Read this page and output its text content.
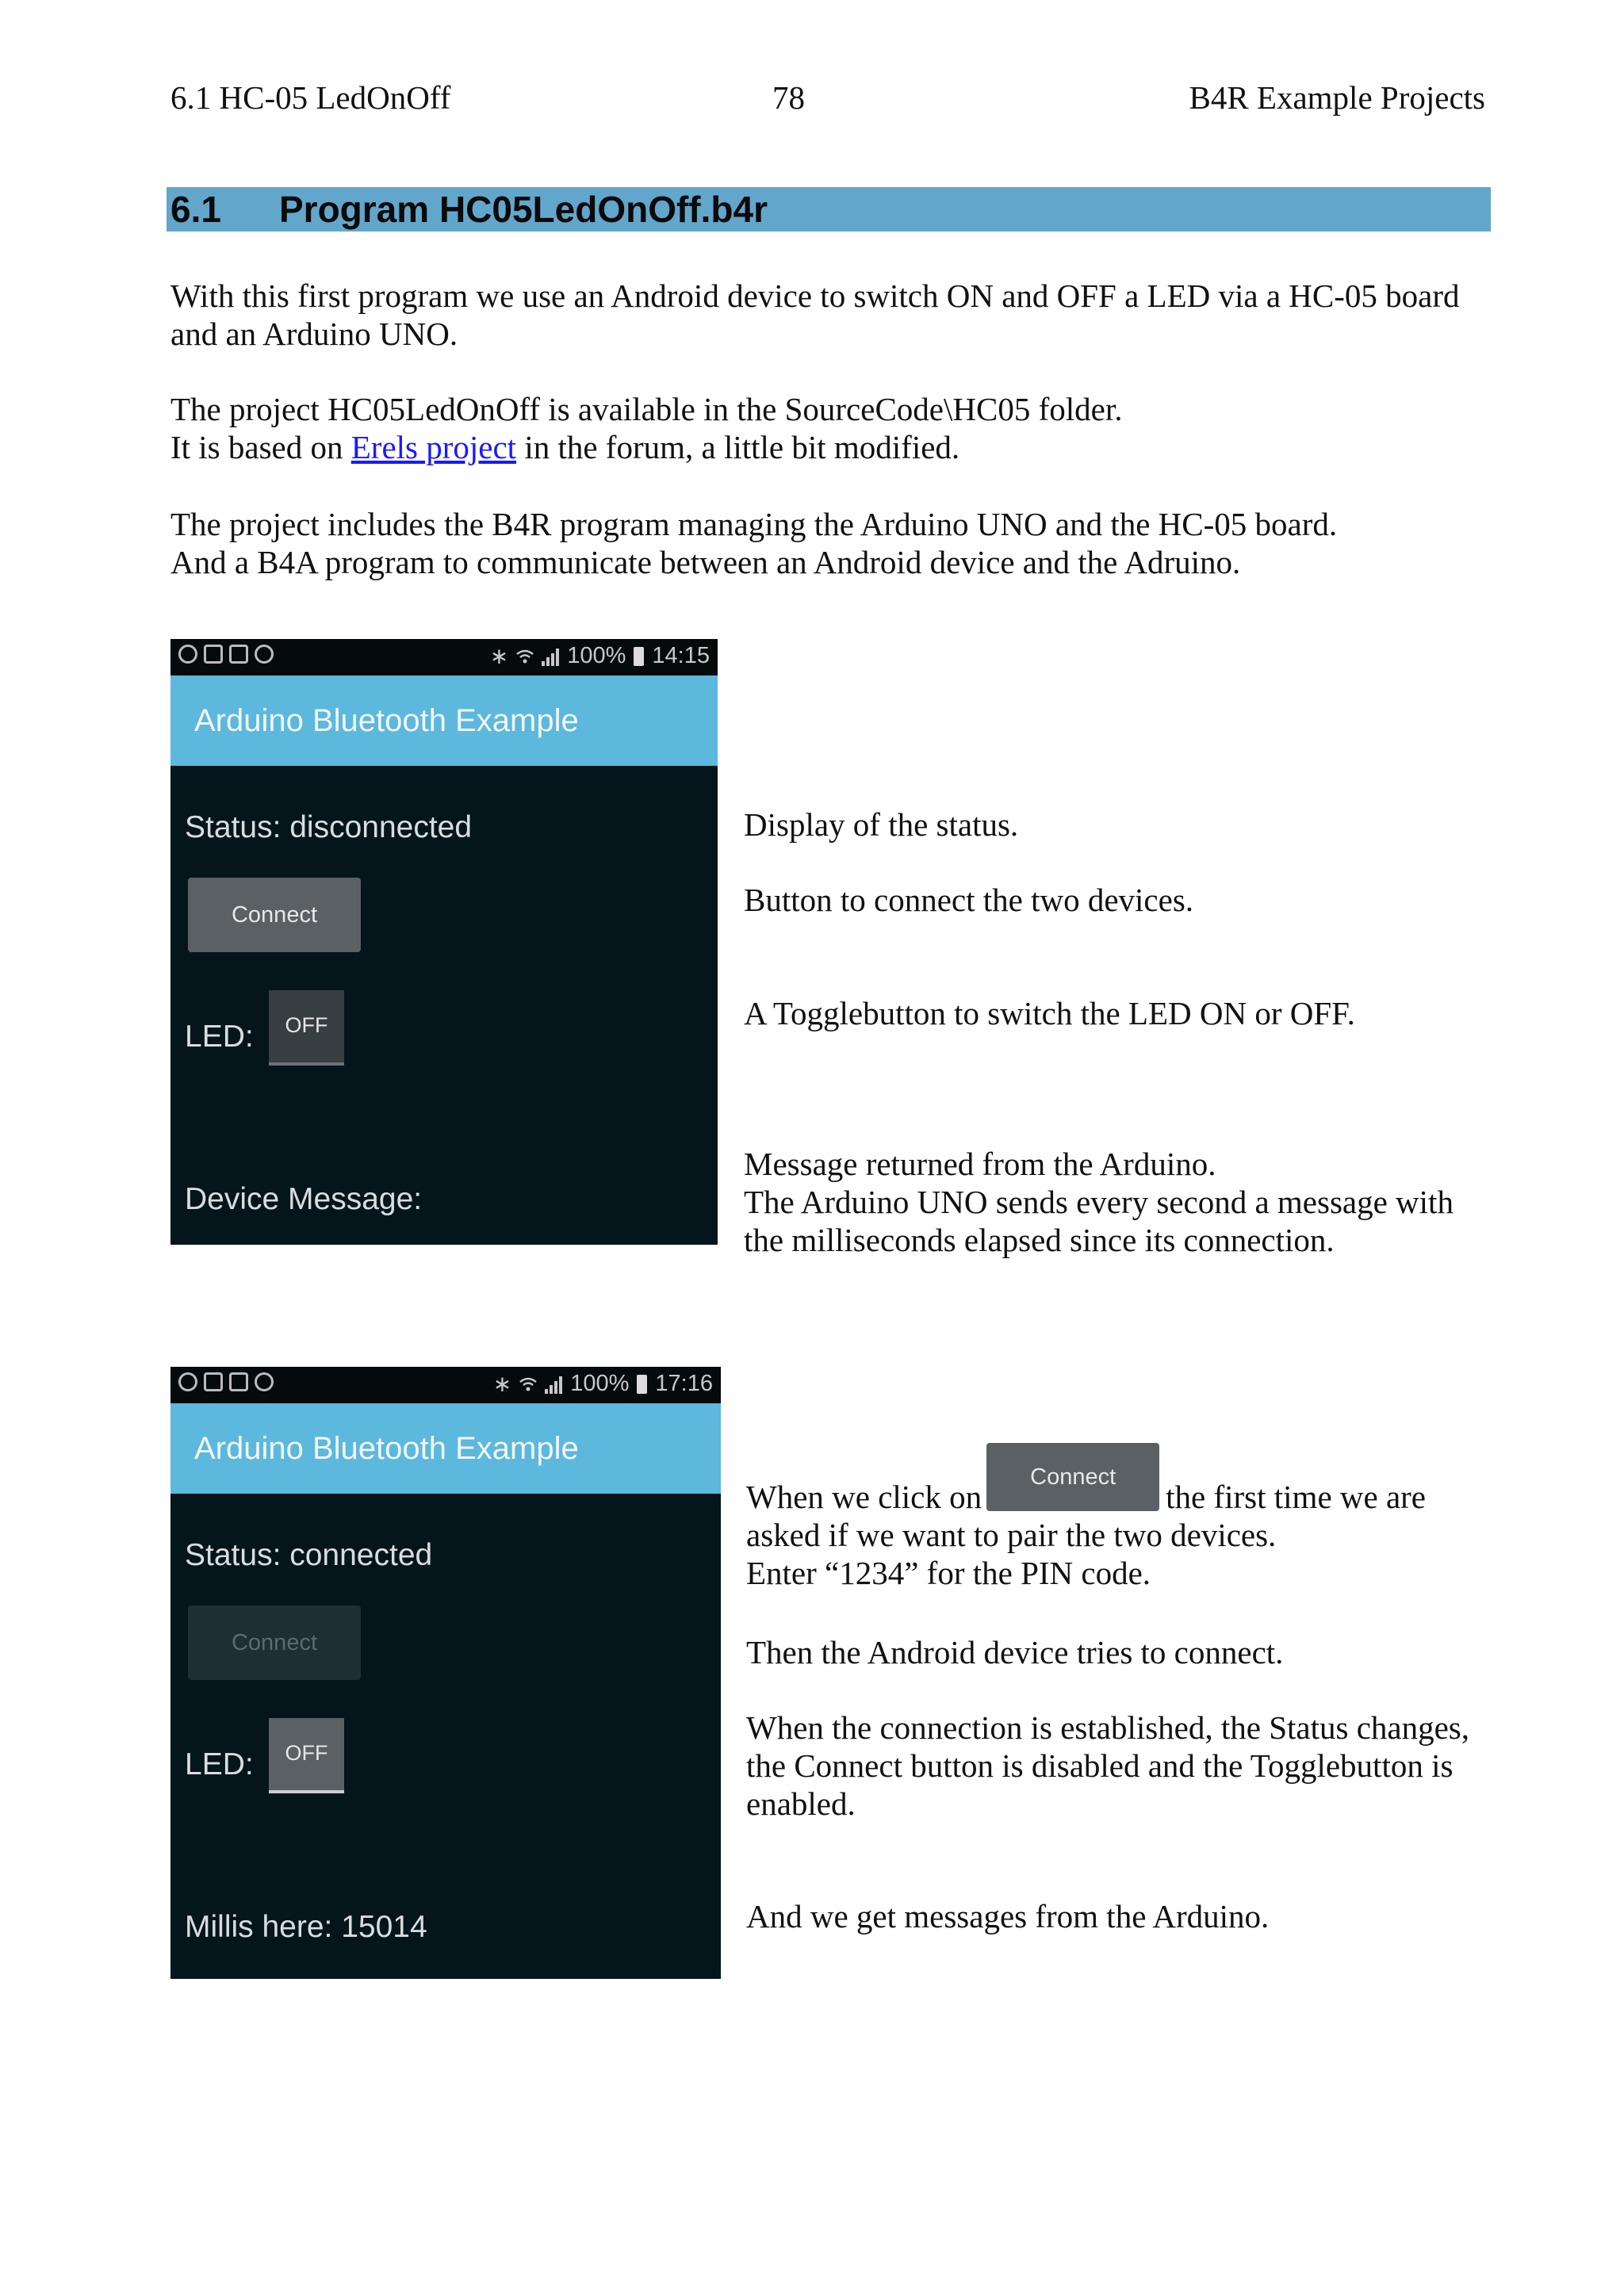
6.1 HC-05 LedOnOff	78	B4R Example Projects
6.1 Program HC05LedOnOff.b4r

With this first program we use an Android device to switch ON and OFF a LED via a HC-05 board and an Arduino UNO.

The project HC05LedOnOff is available in the SourceCode\HC05 folder.

It is based on Erels project in the forum, a little bit modified.

The project includes the B4R program managing the Arduino UNO and the HC-05 board.

And a B4A program to communicate between an Android device and the Adruino.

∗	100% 14:15
Arduino Bluetooth Example
Status: disconnected
Connect
LED:	OFF
Device Message:

Display of the status.

Button to connect the two devices.

A Togglebutton to switch the LED ON or OFF.

Message returned from the Arduino.

The Arduino UNO sends every second a message with the milliseconds elapsed since its connection.

∗	100% 17:16
Arduino Bluetooth Example
Status: connected
Connect
LED:	OFF
Millis here: 15014

When we click onConnectthe first time we are asked if we want to pair the two devices.

Enter “1234” for the PIN code.

Then the Android device tries to connect.

When the connection is established, the Status changes, the Connect button is disabled and the Togglebutton is enabled.

And we get messages from the Arduino.
